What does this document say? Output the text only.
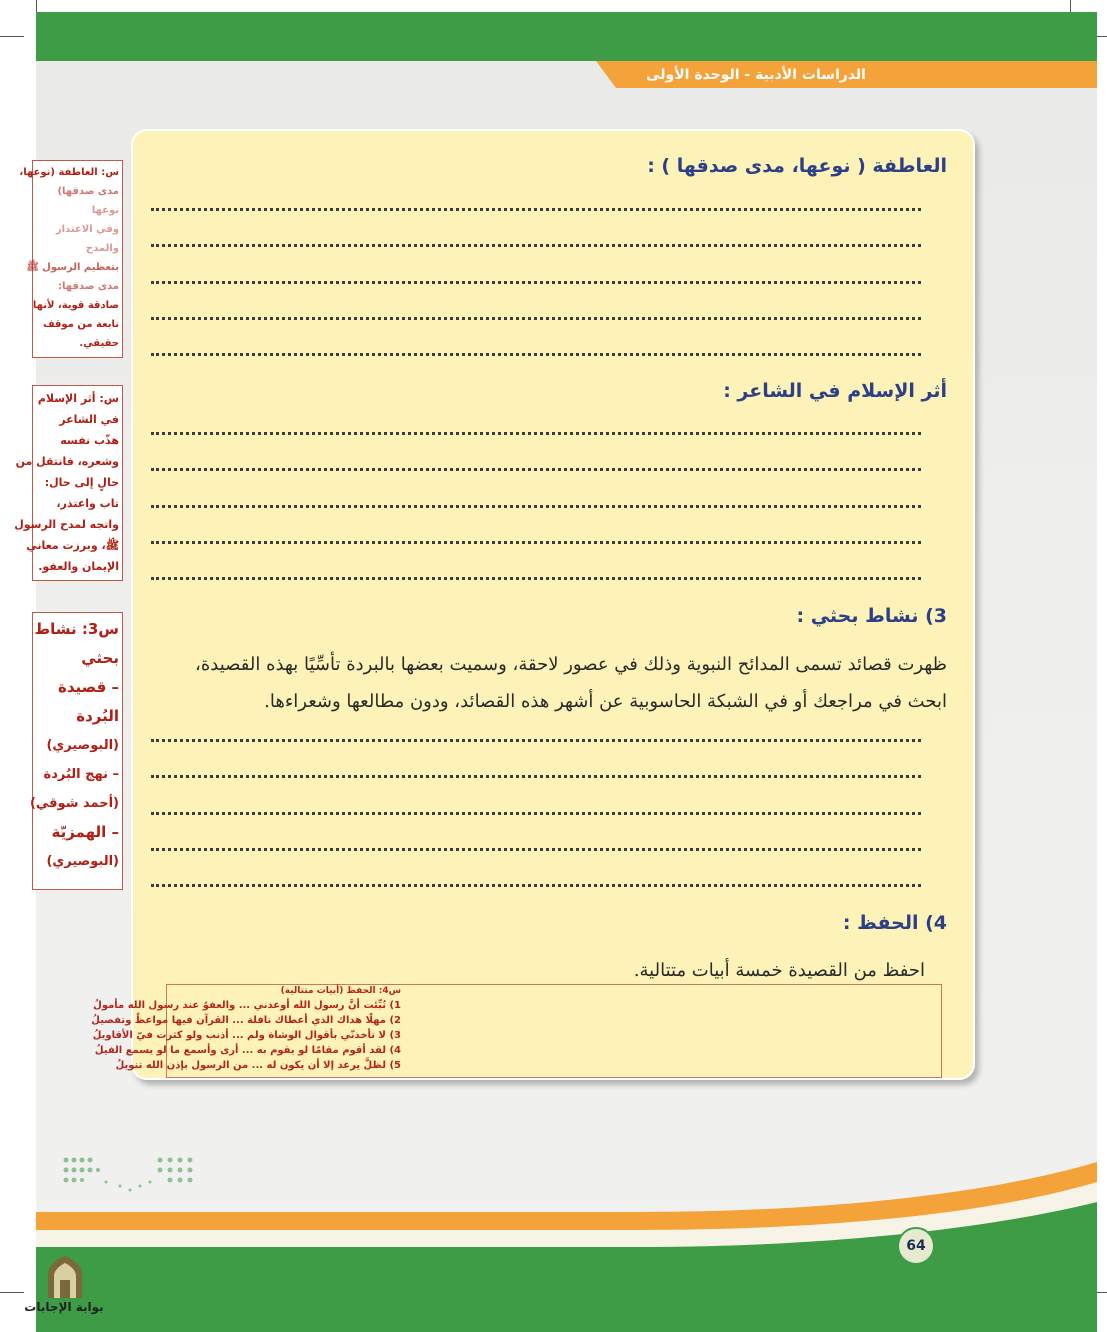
الدراسات الأدبية - الوحدة الأولى
العاطفة ( نوعها، مدى صدقها ) :
أثر الإسلام في الشاعر :
3) نشاط بحثي :
ظهرت قصائد تسمى المدائح النبوية وذلك في عصور لاحقة، وسميت بعضها بالبردة تأسِّيًا بهذه القصيدة،
ابحث في مراجعك أو في الشبكة الحاسوبية عن أشهر هذه القصائد، ودون مطالعها وشعراءها.
4) الحفظ :
احفظ من القصيدة خمسة أبيات متتالية.
س4: الحفظ (أبيات متتالية)
1) نُبِّئت أنَّ رسول الله أوعدني ... والعفوُ عند رسول الله مأمولُ
2) مهلًا هداك الذي أعطاك نافلة ... القرآن فيها مواعظٌ وتفصيلُ
3) لا تأخذنّي بأقوال الوشاة ولم ... أذنب ولو كثرت فيّ الأقاويلُ
4) لقد أقوم مقامًا لو يقوم به ... أرى وأسمع ما لو يسمع الفيلُ
5) لظلَّ يرعد إلا أن يكون له ... من الرسول بإذن الله تنويلُ
64
س: العاطفة (نوعها،
مدى صدقها)
نوعها
وقي الاعتذار
والمدح
بتعظيم الرسول ﷺ
مدى صدقها:
صادقة قوية، لأنها
نابعة من موقف
حقيقي.
س: أثر الإسلام
في الشاعر
هذّب نفسه
وشعره، فانتقل من
حالٍ إلى حال:
تاب واعتذر،
واتجه لمدح الرسول
ﷺ، وبرزت معاني
الإيمان والعفو.
س3: نشاط
بحثي
– قصيدة
البُردة
(البوصيري)
– نهج البُردة
(أحمد شوقي)
– الهمزيّة
(البوصيري)
بوابة الإجابات
